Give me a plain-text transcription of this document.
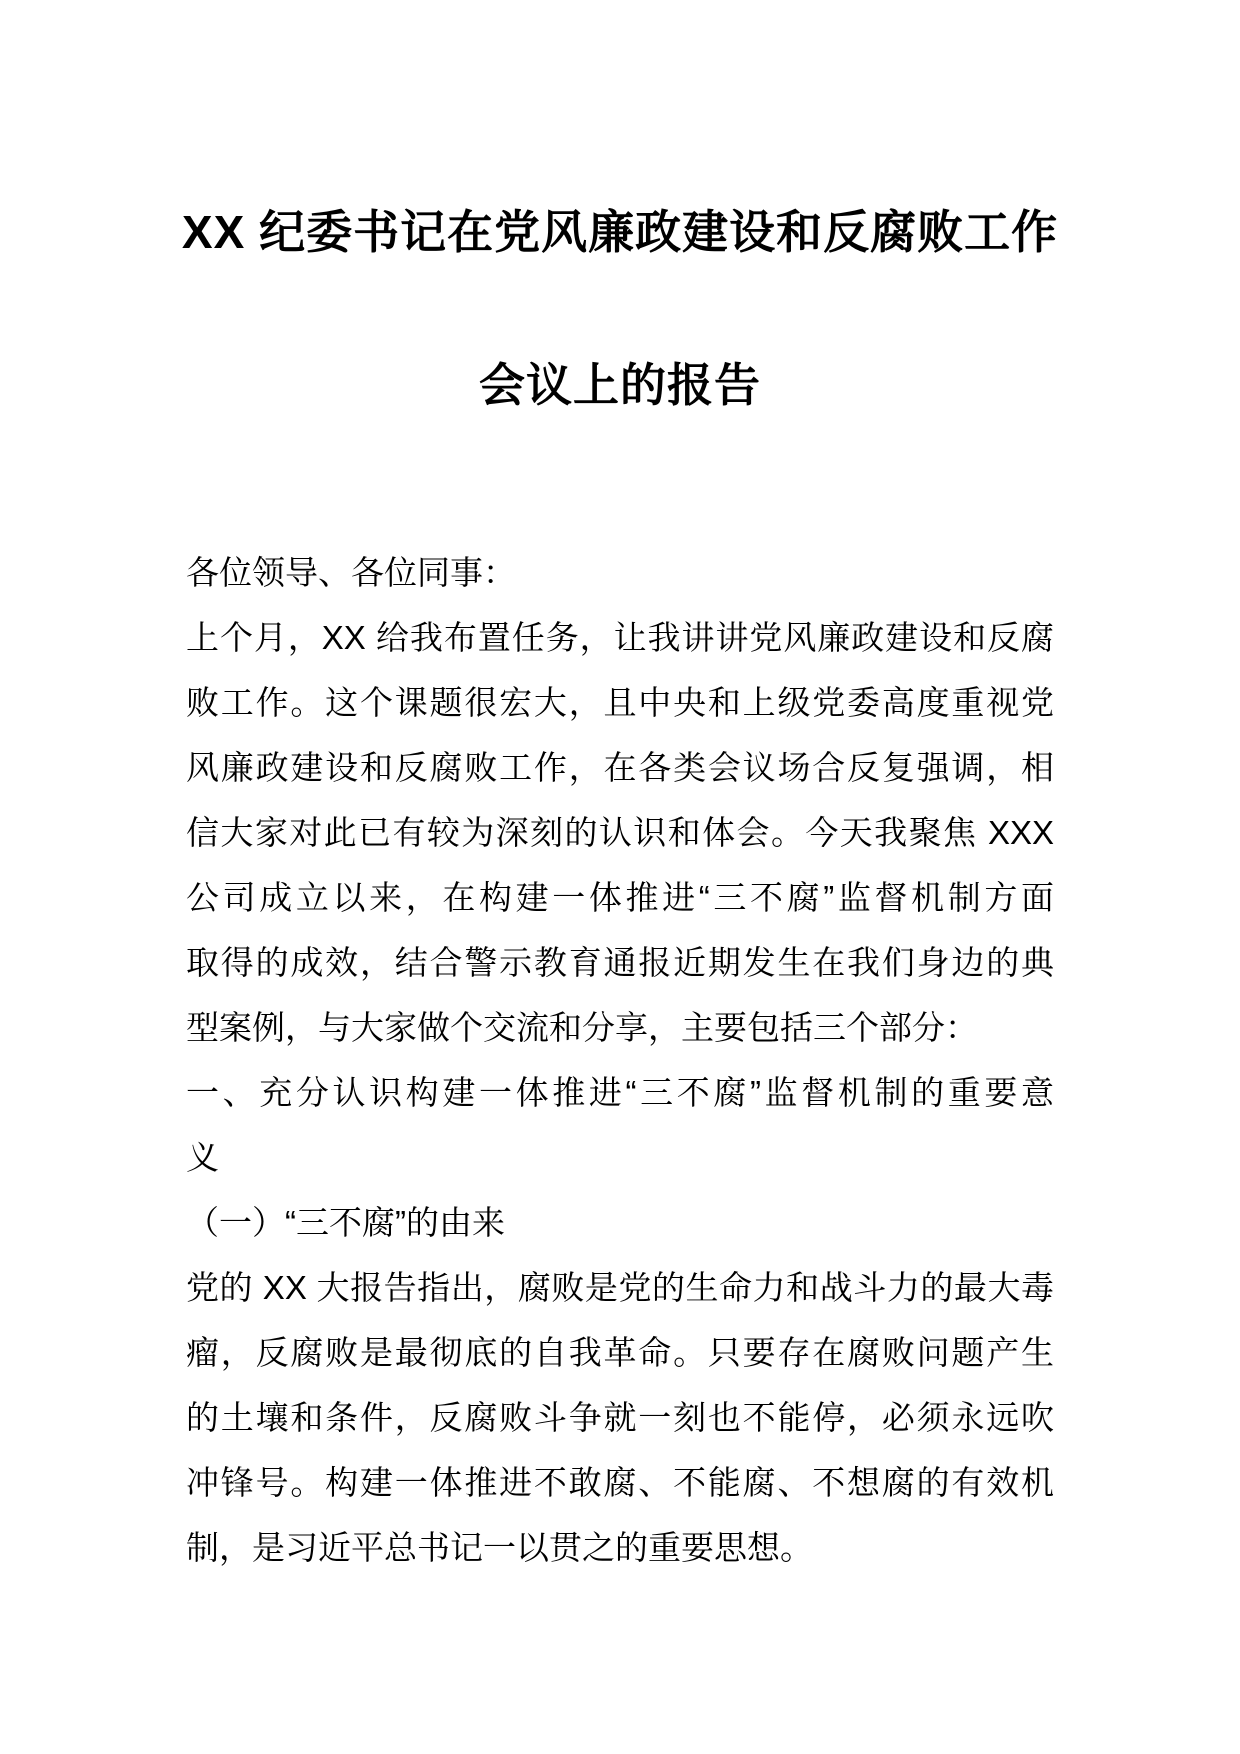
XX 纪委书记在党风廉政建设和反腐败工作
会议上的报告
各位领导、各位同事：
上个月，XX 给我布置任务，让我讲讲党风廉政建设和反腐
败工作。这个课题很宏大，且中央和上级党委高度重视党
风廉政建设和反腐败工作，在各类会议场合反复强调，相
信大家对此已有较为深刻的认识和体会。今天我聚焦 XXX
公司成立以来，在构建一体推进“三不腐”监督机制方面
取得的成效，结合警示教育通报近期发生在我们身边的典
型案例，与大家做个交流和分享，主要包括三个部分：
一、充分认识构建一体推进“三不腐”监督机制的重要意
义
（一）“三不腐”的由来
党的 XX 大报告指出，腐败是党的生命力和战斗力的最大毒
瘤，反腐败是最彻底的自我革命。只要存在腐败问题产生
的土壤和条件，反腐败斗争就一刻也不能停，必须永远吹
冲锋号。构建一体推进不敢腐、不能腐、不想腐的有效机
制，是习近平总书记一以贯之的重要思想。
